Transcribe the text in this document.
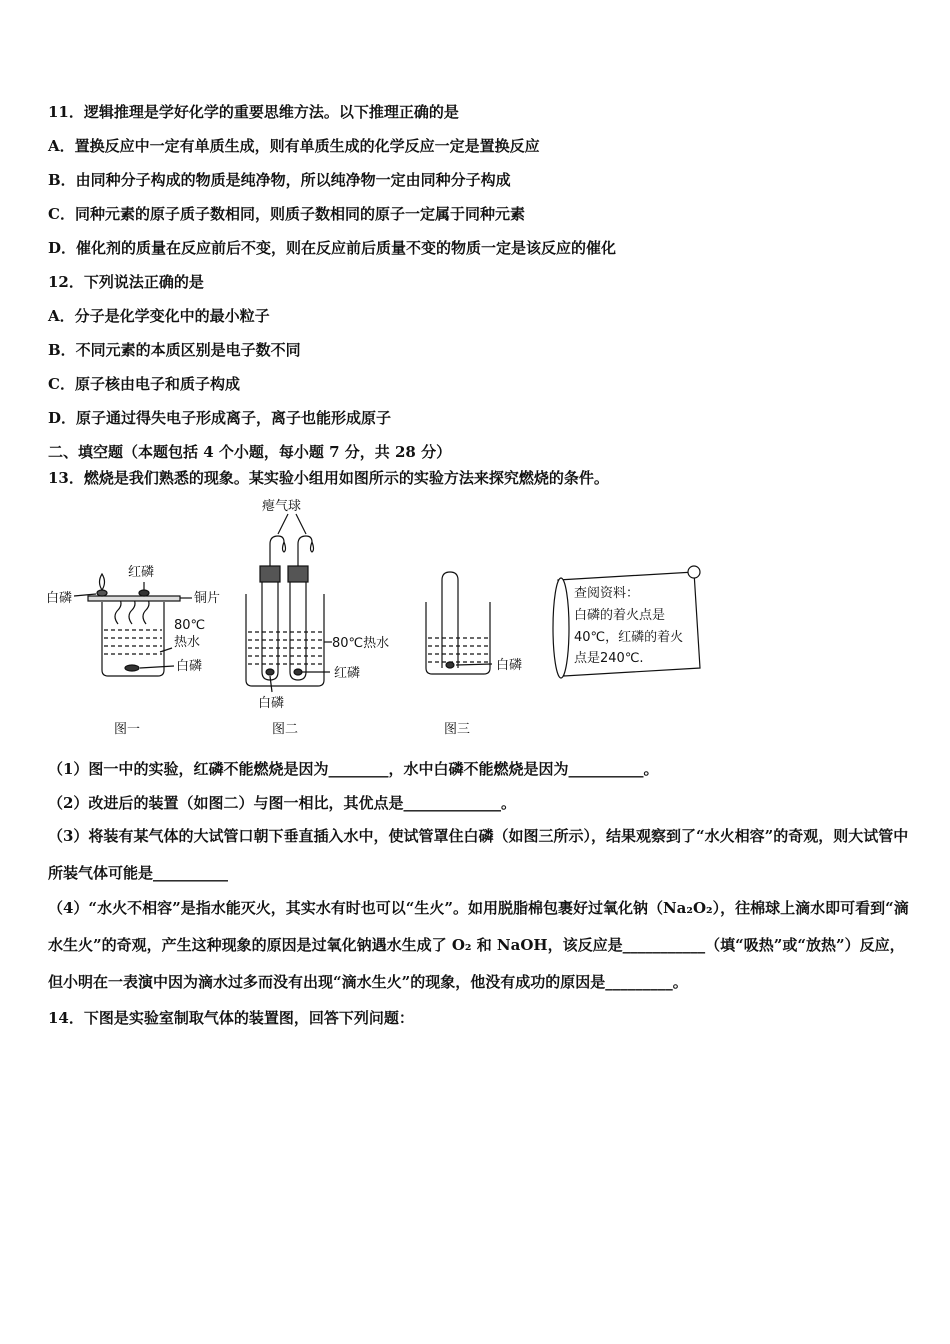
11．逻辑推理是学好化学的重要思维方法。以下推理正确的是
A．置换反应中一定有单质生成，则有单质生成的化学反应一定是置换反应
B．由同种分子构成的物质是纯净物，所以纯净物一定由同种分子构成
C．同种元素的原子质子数相同，则质子数相同的原子一定属于同种元素
D．催化剂的质量在反应前后不变，则在反应前后质量不变的物质一定是该反应的催化
12．下列说法正确的是
A．分子是化学变化中的最小粒子
B．不同元素的本质区别是电子数不同
C．原子核由电子和质子构成
D．原子通过得失电子形成离子，离子也能形成原子
二、填空题（本题包括 4 个小题，每小题 7 分，共 28 分）
13．燃烧是我们熟悉的现象。某实验小组用如图所示的实验方法来探究燃烧的条件。
白磷
红磷
铜片
80℃
热水
白磷
图一
瘪气球
80℃热水
红磷
白磷
图二
白磷
图三
查阅资料：
白磷的着火点是
40℃，红磷的着火
点是240℃.
（1）图一中的实验，红磷不能燃烧是因为________，水中白磷不能燃烧是因为__________。
（2）改进后的装置（如图二）与图一相比，其优点是_____________。
（3）将装有某气体的大试管口朝下垂直插入水中，使试管罩住白磷（如图三所示），结果观察到了“水火相容”的奇观，则大试管中所装气体可能是__________
（4）“水火不相容”是指水能灭火，其实水有时也可以“生火”。如用脱脂棉包裹好过氧化钠（Na₂O₂），往棉球上滴水即可看到“滴水生火”的奇观，产生这种现象的原因是过氧化钠遇水生成了 O₂ 和 NaOH，该反应是___________（填“吸热”或“放热”）反应，但小明在一表演中因为滴水过多而没有出现“滴水生火”的现象，他没有成功的原因是_________。
14．下图是实验室制取气体的装置图，回答下列问题：
